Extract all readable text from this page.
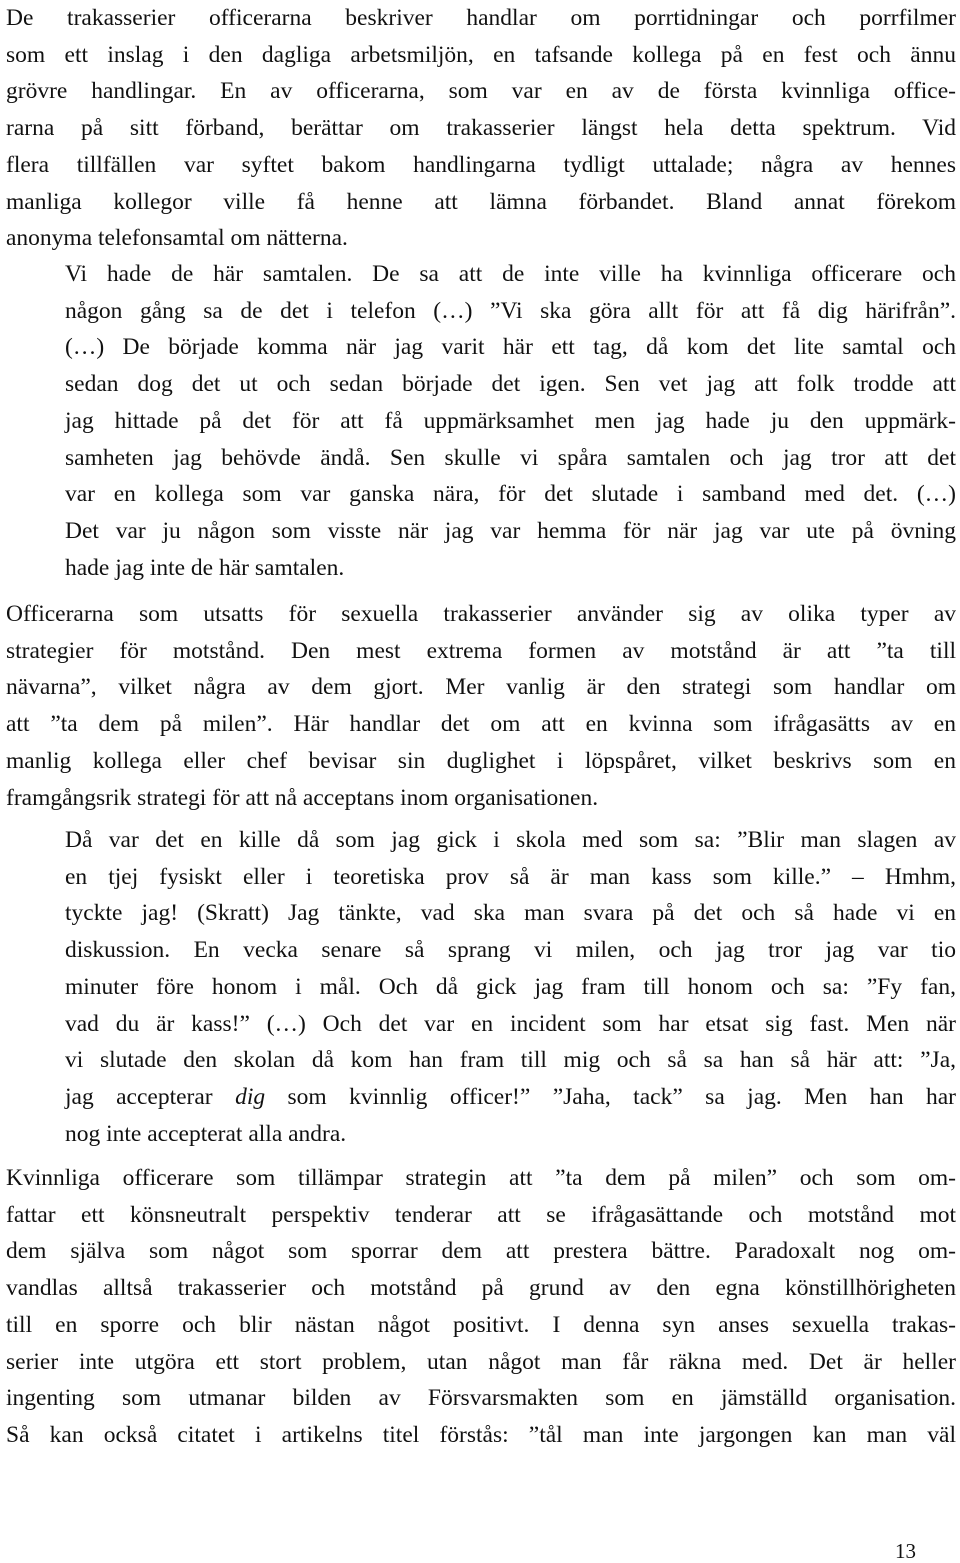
De trakasserier officerarna beskriver handlar om porrtidningar och porrfilmer
som ett inslag i den dagliga arbetsmiljön, en tafsande kollega på en fest och ännu
grövre handlingar. En av officerarna, som var en av de första kvinnliga office-
rarna på sitt förband, berättar om trakasserier längst hela detta spektrum. Vid
flera tillfällen var syftet bakom handlingarna tydligt uttalade; några av hennes
manliga kollegor ville få henne att lämna förbandet. Bland annat förekom
anonyma telefonsamtal om nätterna.
Vi hade de här samtalen. De sa att de inte ville ha kvinnliga officerare och
någon gång sa de det i telefon (…) ”Vi ska göra allt för att få dig härifrån”.
(…) De började komma när jag varit här ett tag, då kom det lite samtal och
sedan dog det ut och sedan började det igen. Sen vet jag att folk trodde att
jag hittade på det för att få uppmärksamhet men jag hade ju den uppmärk-
samheten jag behövde ändå. Sen skulle vi spåra samtalen och jag tror att det
var en kollega som var ganska nära, för det slutade i samband med det. (…)
Det var ju någon som visste när jag var hemma för när jag var ute på övning
hade jag inte de här samtalen.
Officerarna som utsatts för sexuella trakasserier använder sig av olika typer av
strategier för motstånd. Den mest extrema formen av motstånd är att ”ta till
nävarna”, vilket några av dem gjort. Mer vanlig är den strategi som handlar om
att ”ta dem på milen”. Här handlar det om att en kvinna som ifrågasätts av en
manlig kollega eller chef bevisar sin duglighet i löpspåret, vilket beskrivs som en
framgångsrik strategi för att nå acceptans inom organisationen.
Då var det en kille då som jag gick i skola med som sa: ”Blir man slagen av
en tjej fysiskt eller i teoretiska prov så är man kass som kille.” – Hmhm,
tyckte jag! (Skratt) Jag tänkte, vad ska man svara på det och så hade vi en
diskussion. En vecka senare så sprang vi milen, och jag tror jag var tio
minuter före honom i mål. Och då gick jag fram till honom och sa: ”Fy fan,
vad du är kass!” (…) Och det var en incident som har etsat sig fast. Men när
vi slutade den skolan då kom han fram till mig och så sa han så här att: ”Ja,
jag accepterar dig som kvinnlig officer!” ”Jaha, tack” sa jag. Men han har
nog inte accepterat alla andra.
Kvinnliga officerare som tillämpar strategin att ”ta dem på milen” och som om-
fattar ett könsneutralt perspektiv tenderar att se ifrågasättande och motstånd mot
dem själva som något som sporrar dem att prestera bättre. Paradoxalt nog om-
vandlas alltså trakasserier och motstånd på grund av den egna könstillhörigheten
till en sporre och blir nästan något positivt. I denna syn anses sexuella trakas-
serier inte utgöra ett stort problem, utan något man får räkna med. Det är heller
ingenting som utmanar bilden av Försvarsmakten som en jämställd organisation.
Så kan också citatet i artikelns titel förstås: ”tål man inte jargongen kan man väl
13
